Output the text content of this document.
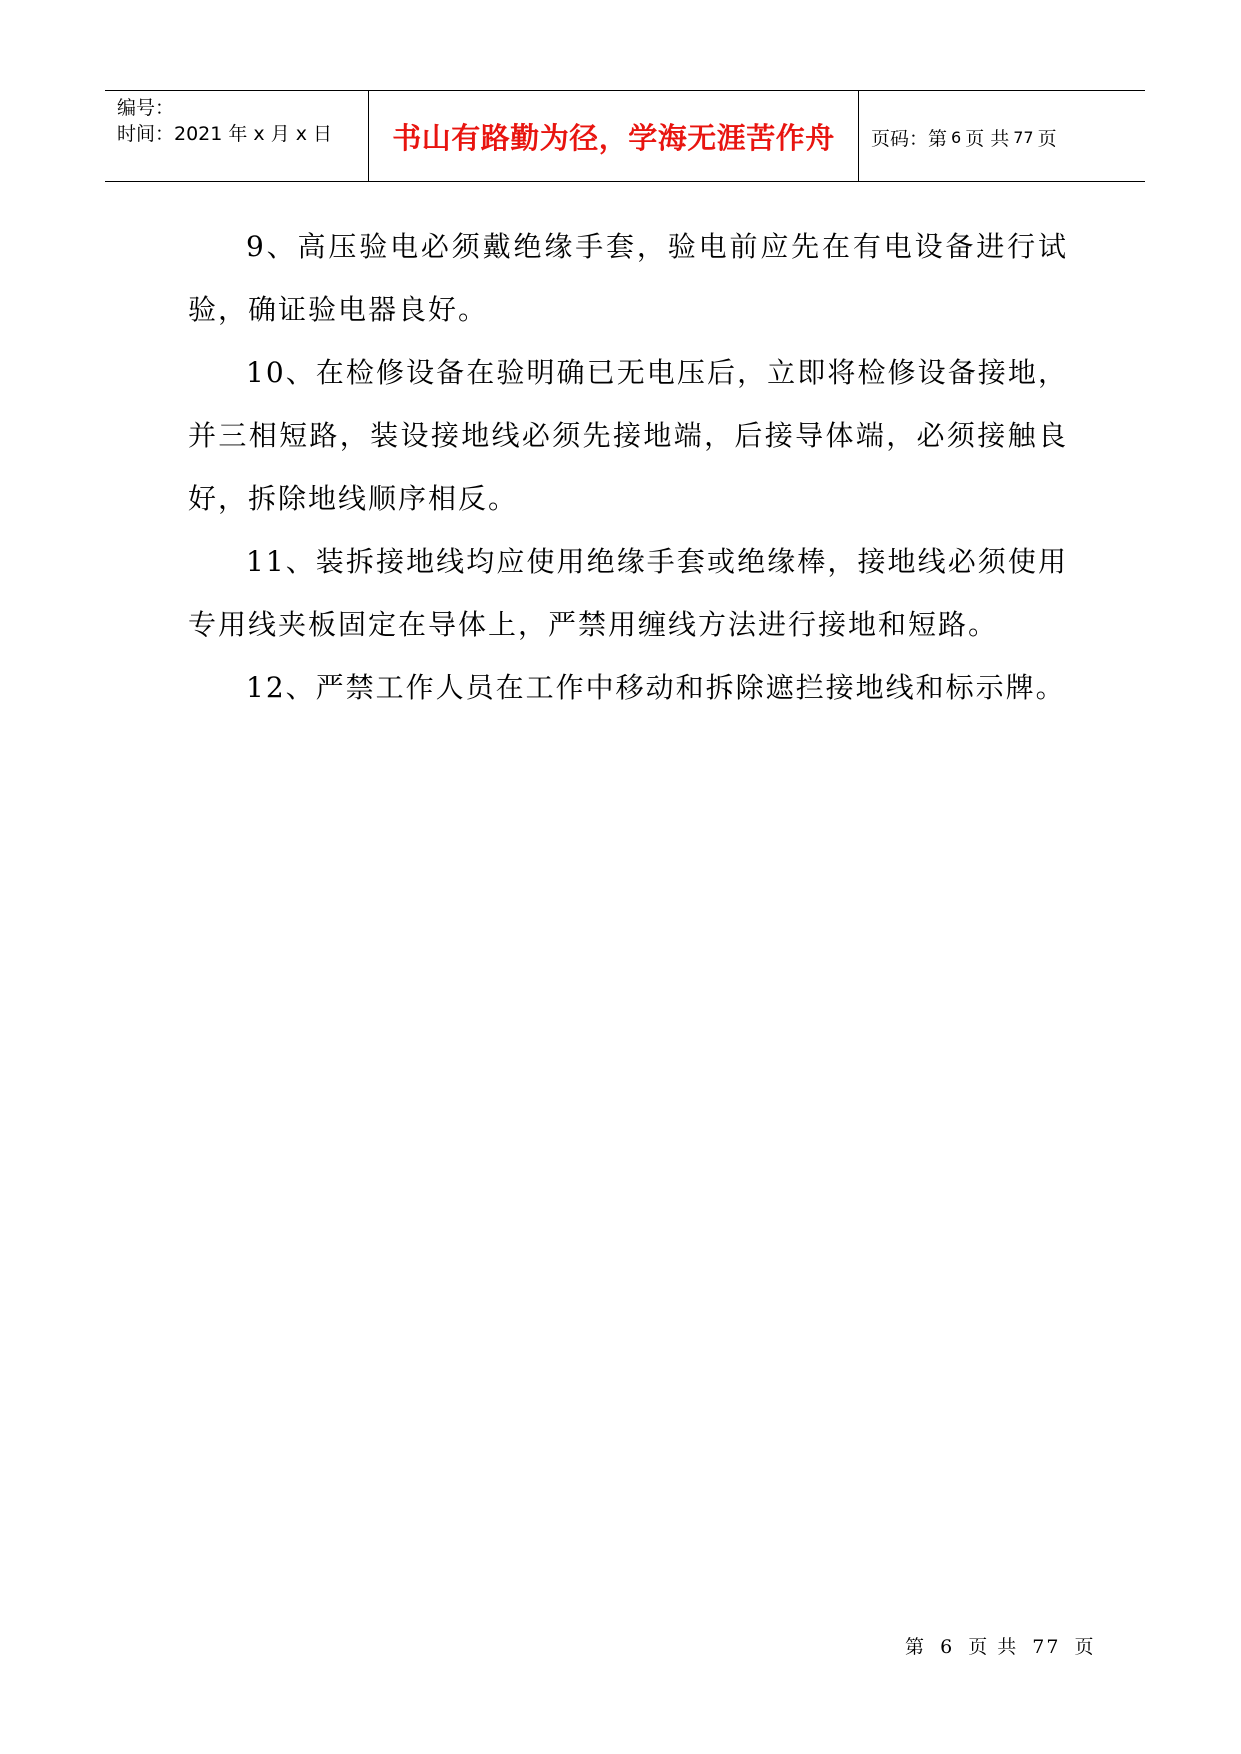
编号：
时间：2021 年 x 月 x 日	书山有路勤为径，学海无涯苦作舟	页码：第 6 页 共 77 页

9、高压验电必须戴绝缘手套，验电前应先在有电设备进行试验，确证验电器良好。

10、在检修设备在验明确已无电压后，立即将检修设备接地，并三相短路，装设接地线必须先接地端，后接导体端，必须接触良好，拆除地线顺序相反。

11、装拆接地线均应使用绝缘手套或绝缘棒，接地线必须使用专用线夹板固定在导体上，严禁用缠线方法进行接地和短路。

12、严禁工作人员在工作中移动和拆除遮拦接地线和标示牌。

第 6 页 共 77 页
